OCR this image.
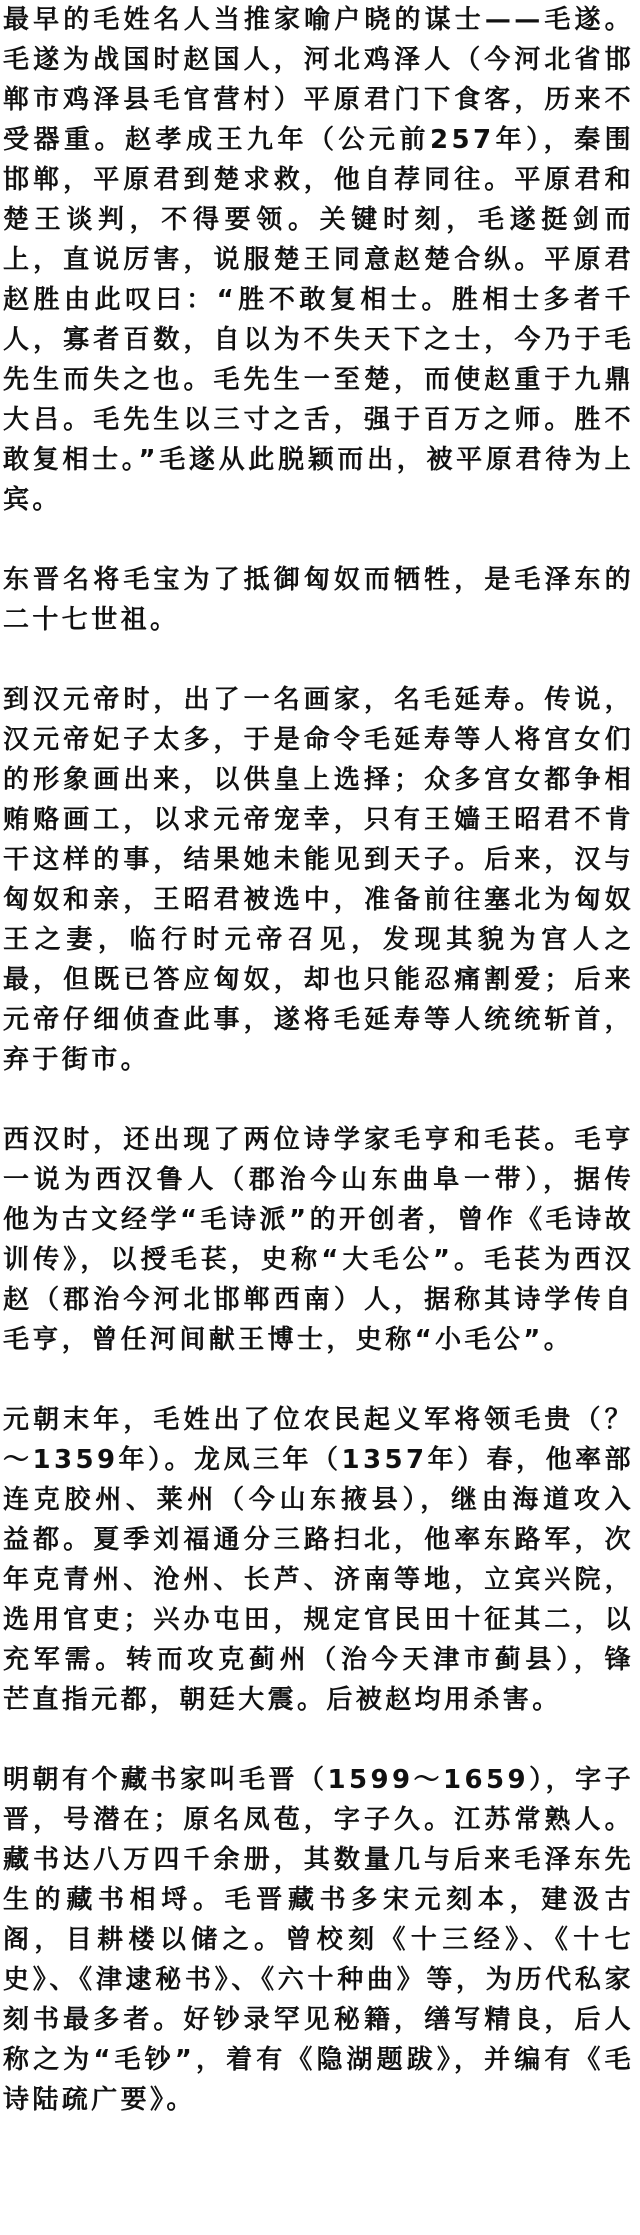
最早的毛姓名人当推家喻户晓的谋士——毛遂。毛遂为战国时赵国人，河北鸡泽人（今河北省邯郸市鸡泽县毛官营村）平原君门下食客，历来不受器重。赵孝成王九年（公元前257年），秦围邯郸，平原君到楚求救，他自荐同往。平原君和楚王谈判，不得要领。关键时刻，毛遂挺剑而上，直说厉害，说服楚王同意赵楚合纵。平原君赵胜由此叹曰：“胜不敢复相士。胜相士多者千人，寡者百数，自以为不失天下之士，今乃于毛先生而失之也。毛先生一至楚，而使赵重于九鼎大吕。毛先生以三寸之舌，强于百万之师。胜不敢复相士。”毛遂从此脱颖而出，被平原君待为上宾。

东晋名将毛宝为了抵御匈奴而牺牲，是毛泽东的二十七世祖。

到汉元帝时，出了一名画家，名毛延寿。传说，汉元帝妃子太多，于是命令毛延寿等人将宫女们的形象画出来，以供皇上选择；众多宫女都争相贿赂画工，以求元帝宠幸，只有王嫱王昭君不肯干这样的事，结果她未能见到天子。后来，汉与匈奴和亲，王昭君被选中，准备前往塞北为匈奴王之妻，临行时元帝召见，发现其貌为宫人之最，但既已答应匈奴，却也只能忍痛割爱；后来元帝仔细侦查此事，遂将毛延寿等人统统斩首，弃于街市。

西汉时，还出现了两位诗学家毛亨和毛苌。毛亨一说为西汉鲁人（郡治今山东曲阜一带），据传他为古文经学“毛诗派”的开创者，曾作《毛诗故训传》，以授毛苌，史称“大毛公”。毛苌为西汉赵（郡治今河北邯郸西南）人，据称其诗学传自毛亨，曾任河间献王博士，史称“小毛公”。

元朝末年，毛姓出了位农民起义军将领毛贵（？～1359年）。龙凤三年（1357年）春，他率部连克胶州、莱州（今山东掖县），继由海道攻入益都。夏季刘福通分三路扫北，他率东路军，次年克青州、沧州、长芦、济南等地，立宾兴院，选用官吏；兴办屯田，规定官民田十征其二，以充军需。转而攻克蓟州（治今天津市蓟县），锋芒直指元都，朝廷大震。后被赵均用杀害。

明朝有个藏书家叫毛晋（1599～1659），字子晋，号潜在；原名凤苞，字子久。江苏常熟人。藏书达八万四千余册，其数量几与后来毛泽东先生的藏书相埒。毛晋藏书多宋元刻本，建汲古阁，目耕楼以储之。曾校刻《十三经》、《十七史》、《津逮秘书》、《六十种曲》等，为历代私家刻书最多者。好钞录罕见秘籍，缮写精良，后人称之为“毛钞”，着有《隐湖题跋》，并编有《毛诗陆疏广要》。
